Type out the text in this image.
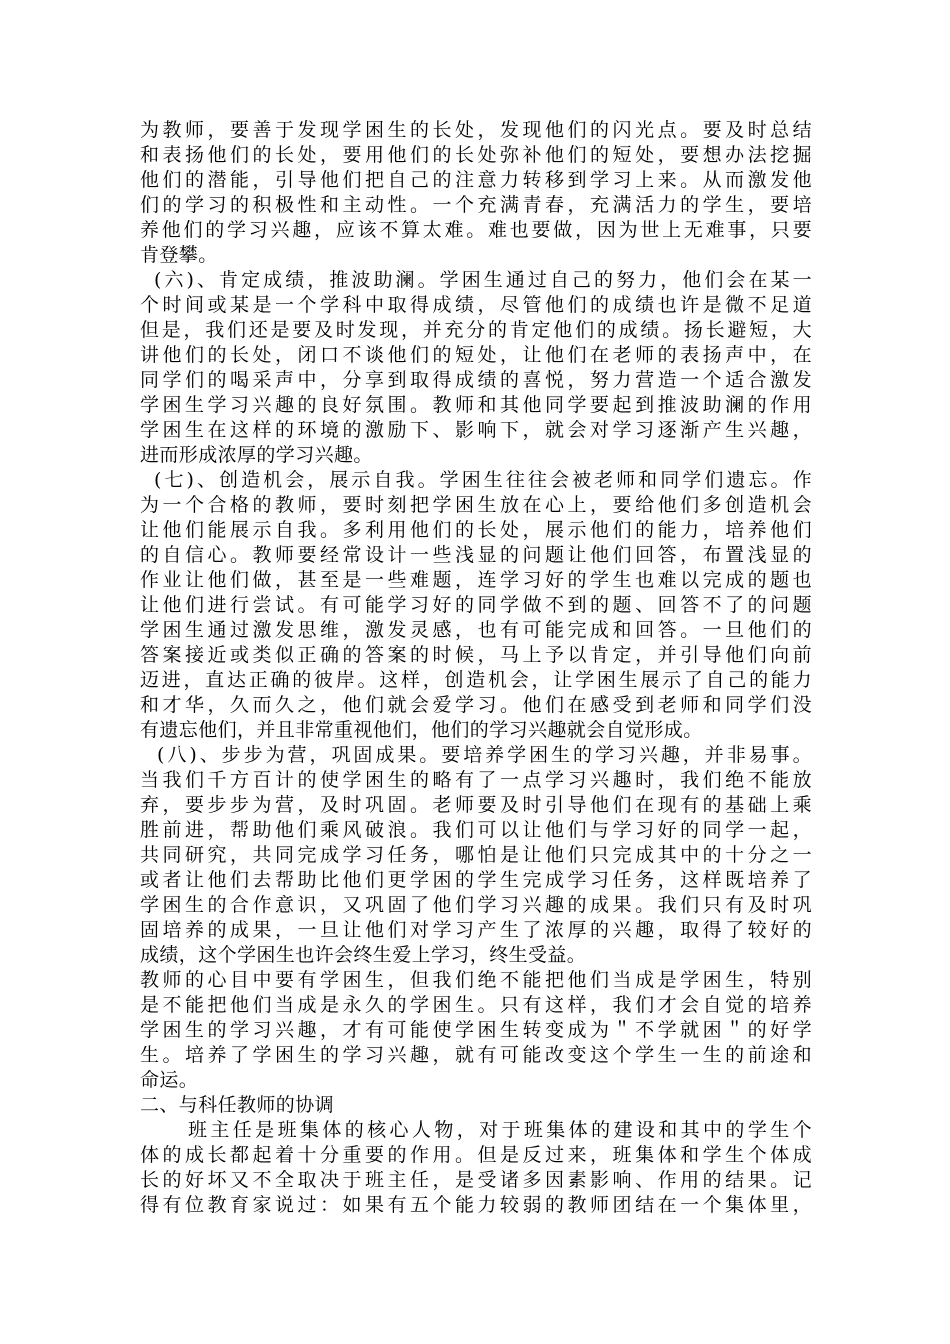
为教师，要善于发现学困生的长处，发现他们的闪光点。要及时总结
和表扬他们的长处，要用他们的长处弥补他们的短处，要想办法挖掘
他们的潜能，引导他们把自己的注意力转移到学习上来。从而激发他
们的学习的积极性和主动性。一个充满青春，充满活力的学生，要培
养他们的学习兴趣，应该不算太难。难也要做，因为世上无难事，只要
肯登攀。
(六)、肯定成绩，推波助澜。学困生通过自己的努力，他们会在某一
个时间或某是一个学科中取得成绩，尽管他们的成绩也许是微不足道
但是，我们还是要及时发现，并充分的肯定他们的成绩。扬长避短，大
讲他们的长处，闭口不谈他们的短处，让他们在老师的表扬声中，在
同学们的喝采声中，分享到取得成绩的喜悦，努力营造一个适合激发
学困生学习兴趣的良好氛围。教师和其他同学要起到推波助澜的作用
学困生在这样的环境的激励下、影响下，就会对学习逐渐产生兴趣，
进而形成浓厚的学习兴趣。
(七)、创造机会，展示自我。学困生往往会被老师和同学们遗忘。作
为一个合格的教师，要时刻把学困生放在心上，要给他们多创造机会
让他们能展示自我。多利用他们的长处，展示他们的能力，培养他们
的自信心。教师要经常设计一些浅显的问题让他们回答，布置浅显的
作业让他们做，甚至是一些难题，连学习好的学生也难以完成的题也
让他们进行尝试。有可能学习好的同学做不到的题、回答不了的问题
学困生通过激发思维，激发灵感，也有可能完成和回答。一旦他们的
答案接近或类似正确的答案的时候，马上予以肯定，并引导他们向前
迈进，直达正确的彼岸。这样，创造机会，让学困生展示了自己的能力
和才华，久而久之，他们就会爱学习。他们在感受到老师和同学们没
有遗忘他们，并且非常重视他们，他们的学习兴趣就会自觉形成。
(八)、步步为营，巩固成果。要培养学困生的学习兴趣，并非易事。
当我们千方百计的使学困生的略有了一点学习兴趣时，我们绝不能放
弃，要步步为营，及时巩固。老师要及时引导他们在现有的基础上乘
胜前进，帮助他们乘风破浪。我们可以让他们与学习好的同学一起，
共同研究，共同完成学习任务，哪怕是让他们只完成其中的十分之一
或者让他们去帮助比他们更学困的学生完成学习任务，这样既培养了
学困生的合作意识，又巩固了他们学习兴趣的成果。我们只有及时巩
固培养的成果，一旦让他们对学习产生了浓厚的兴趣，取得了较好的
成绩，这个学困生也许会终生爱上学习，终生受益。
教师的心目中要有学困生，但我们绝不能把他们当成是学困生，特别
是不能把他们当成是永久的学困生。只有这样，我们才会自觉的培养
学困生的学习兴趣，才有可能使学困生转变成为＂不学就困＂的好学
生。培养了学困生的学习兴趣，就有可能改变这个学生一生的前途和
命运。
二、与科任教师的协调
班主任是班集体的核心人物，对于班集体的建设和其中的学生个
体的成长都起着十分重要的作用。但是反过来，班集体和学生个体成
长的好坏又不全取决于班主任，是受诸多因素影响、作用的结果。记
得有位教育家说过：如果有五个能力较弱的教师团结在一个集体里，
